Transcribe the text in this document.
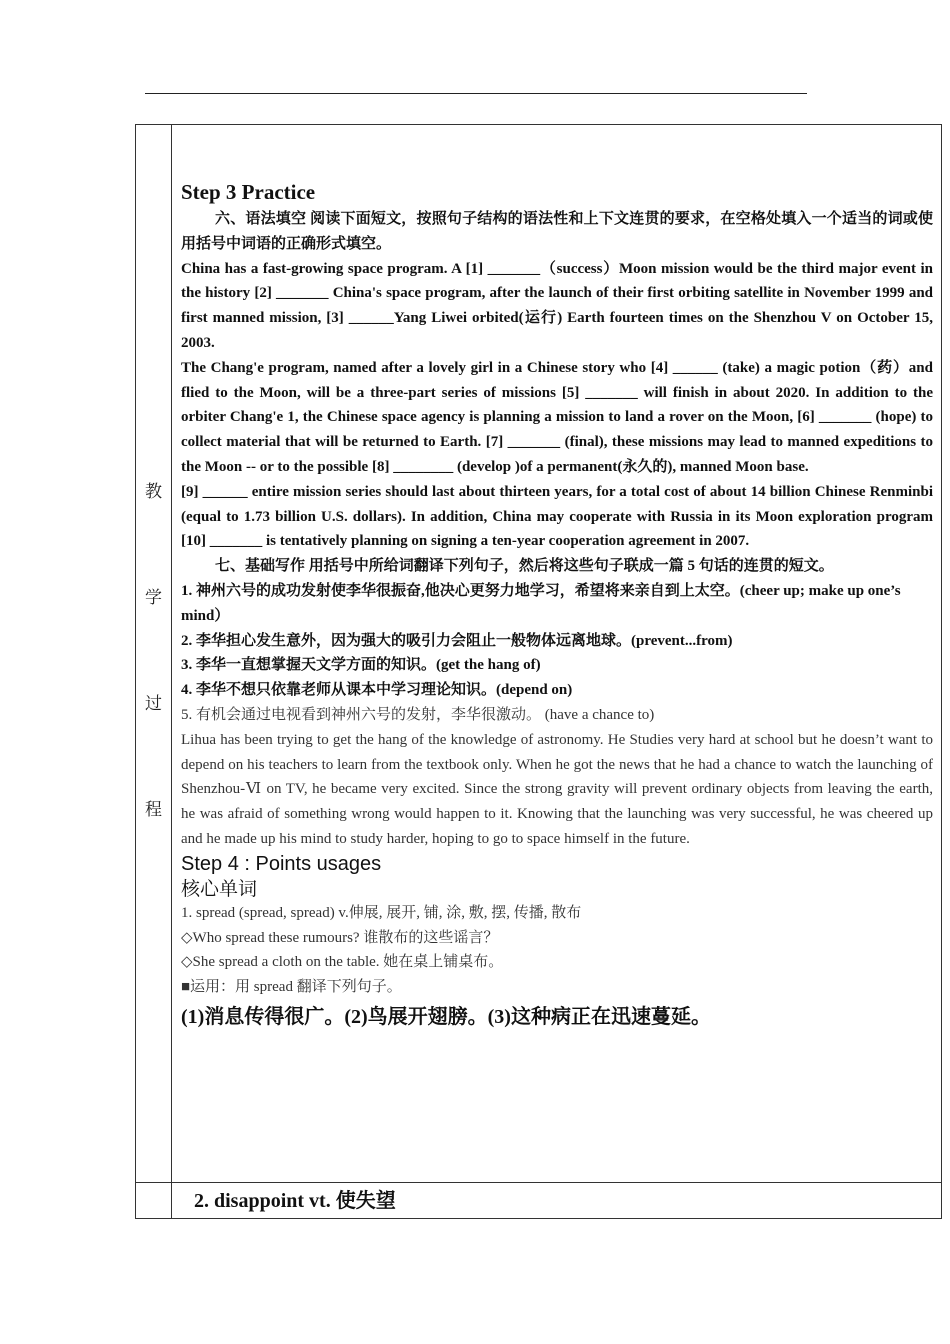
教
学
过
程

Step 3 Practice

六、语法填空 阅读下面短文，按照句子结构的语法性和上下文连贯的要求，在空格处填入一个适当的词或使用括号中词语的正确形式填空。

China has a fast-growing space program. A [1] _______（success）Moon mission would be the third major event in the history [2] _______ China's space program, after the launch of their first orbiting satellite in November 1999 and first manned mission, [3] ______Yang Liwei orbited(运行) Earth fourteen times on the Shenzhou V on October 15, 2003.

The Chang'e program, named after a lovely girl in a Chinese story who [4] ______ (take) a magic potion（药）and flied to the Moon, will be a three-part series of missions [5] _______ will finish in about 2020. In addition to the orbiter Chang'e 1, the Chinese space agency is planning a mission to land a rover on the Moon, [6] _______ (hope) to collect material that will be returned to Earth. [7] _______ (final), these missions may lead to manned expeditions to the Moon -- or to the possible [8] ________ (develop )of a permanent(永久的), manned Moon base.

[9] ______ entire mission series should last about thirteen years, for a total cost of about 14 billion Chinese Renminbi (equal to 1.73 billion U.S. dollars). In addition, China may cooperate with Russia in its Moon exploration program [10] _______ is tentatively planning on signing a ten-year cooperation agreement in 2007.

七、基础写作 用括号中所给词翻译下列句子，然后将这些句子联成一篇 5 句话的连贯的短文。

1. 神州六号的成功发射使李华很振奋,他决心更努力地学习，希望将来亲自到上太空。(cheer up; make up one’s mind）

2. 李华担心发生意外，因为强大的吸引力会阻止一般物体远离地球。(prevent...from)

3. 李华一直想掌握天文学方面的知识。(get the hang of)

4. 李华不想只依靠老师从课本中学习理论知识。(depend on)

5. 有机会通过电视看到神州六号的发射，李华很激动。 (have a chance to)

Lihua has been trying to get the hang of the knowledge of astronomy. He Studies very hard at school but he doesn’t want to depend on his teachers to learn from the textbook only. When he got the news that he had a chance to watch the launching of Shenzhou-Ⅵ on TV, he became very excited. Since the strong gravity will prevent ordinary objects from leaving the earth, he was afraid of something wrong would happen to it. Knowing that the launching was very successful, he was cheered up and he made up his mind to study harder, hoping to go to space himself in the future.

Step 4 : Points usages

核心单词

1. spread (spread, spread) v.伸展, 展开, 铺, 涂, 敷, 摆, 传播, 散布

◇Who spread these rumours? 谁散布的这些谣言？

◇She spread a cloth on the table. 她在桌上铺桌布。

■运用：用 spread 翻译下列句子。

(1)消息传得很广。(2)鸟展开翅膀。(3)这种病正在迅速蔓延。

2. disappoint vt. 使失望
